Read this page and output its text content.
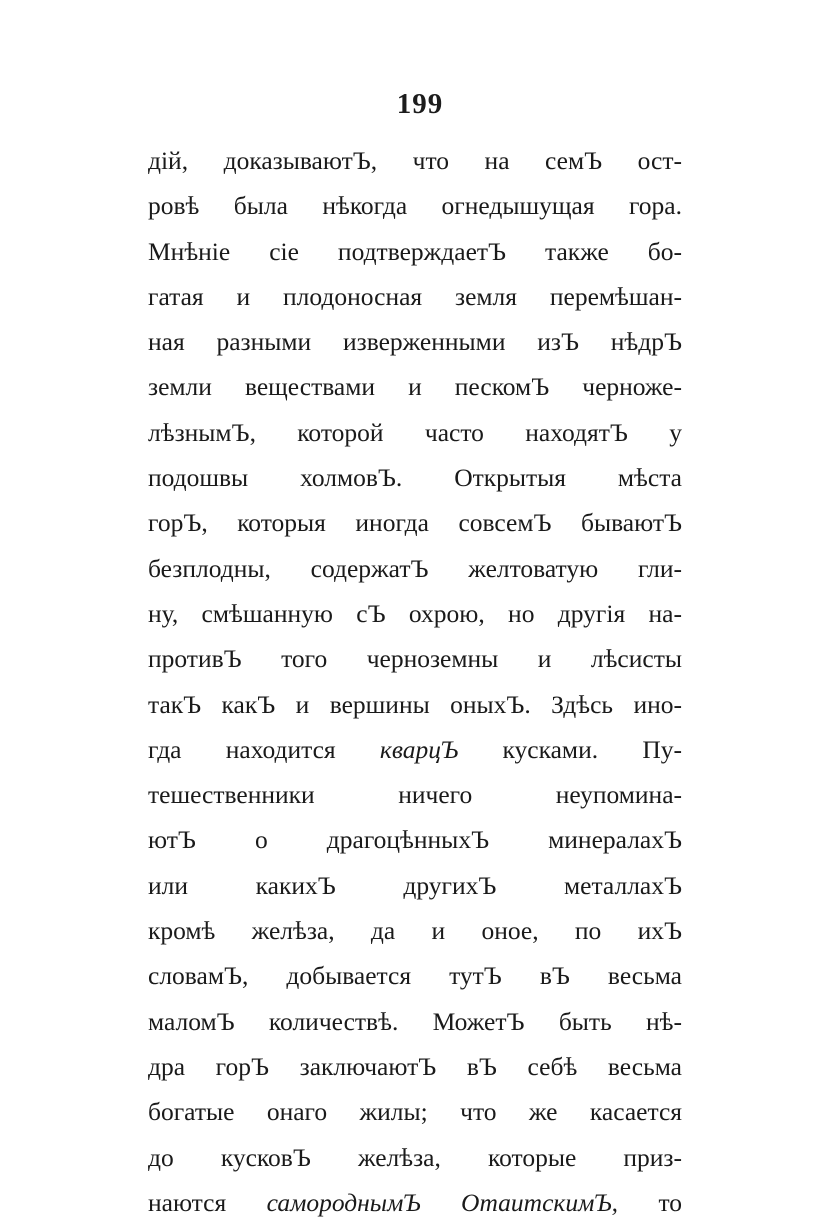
199
дій, доказываютЪ, что на семЪ ост-
ровѣ была нѣкогда огнедышущая гора.
Мнѣніе сіе подтверждаетЪ также бо-
гатая и плодоносная земля перемѣшан-
ная разными изверженными изЪ нѣдрЪ
земли веществами и пескомЪ черноже-
лѣзнымЪ, которой часто находятЪ у
подошвы холмовЪ. Открытыя мѣста
горЪ, которыя иногда совсемЪ бываютЪ
безплодны, содержатЪ желтоватую гли-
ну, смѣшанную сЪ охрою, но другія на-
противЪ того черноземны и лѣсисты
такЪ какЪ и вершины оныхЪ. Здѣсь ино-
гда находится кварцЪ кусками. Пу-
тешественники ничего неупомина-
ютЪ о драгоцѣнныхЪ минералахЪ
или какихЪ другихЪ металлахЪ
кромѣ желѣза, да и оное, по ихЪ
словамЪ, добывается тутЪ вЪ весьма
маломЪ количествѣ. МожетЪ быть нѣ-
дра горЪ заключаютЪ вЪ себѣ весьма
богатые онаго жилы; что же касается
до кусковЪ желѣза, которые приз-
наются самороднымЪ ОтаитскимЪ, то
